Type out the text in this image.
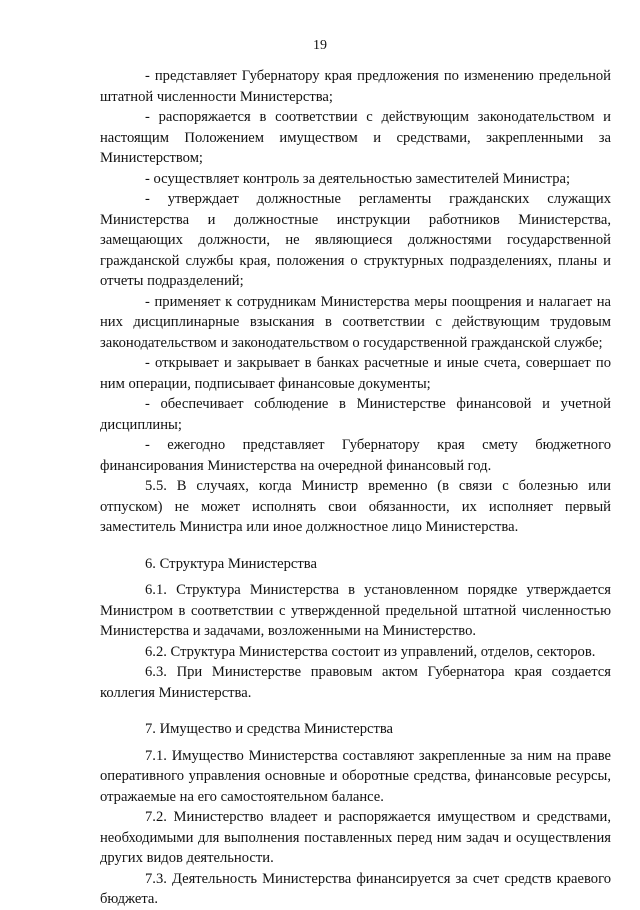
19

- представляет Губернатору края предложения по изменению предельной штатной численности Министерства;

- распоряжается в соответствии с действующим законодательством и настоящим Положением имуществом и средствами, закрепленными за Министерством;

- осуществляет контроль за деятельностью заместителей Министра;

- утверждает должностные регламенты гражданских служащих Министерства и должностные инструкции работников Министерства, замещающих должности, не являющиеся должностями государственной гражданской службы края, положения о структурных подразделениях, планы и отчеты подразделений;

- применяет к сотрудникам Министерства меры поощрения и налагает на них дисциплинарные взыскания в соответствии с действующим трудовым законодательством и законодательством о государственной гражданской службе;

- открывает и закрывает в банках расчетные и иные счета, совершает по ним операции, подписывает финансовые документы;

- обеспечивает соблюдение в Министерстве финансовой и учетной дисциплины;

- ежегодно представляет Губернатору края смету бюджетного финансирования Министерства на очередной финансовый год.

5.5. В случаях, когда Министр временно (в связи с болезнью или отпуском) не может исполнять свои обязанности, их исполняет первый заместитель Министра или иное должностное лицо Министерства.

6. Структура Министерства

6.1. Структура Министерства в установленном порядке утверждается Министром в соответствии с утвержденной предельной штатной численностью Министерства и задачами, возложенными на Министерство.

6.2. Структура Министерства состоит из управлений, отделов, секторов.

6.3. При Министерстве правовым актом Губернатора края создается коллегия Министерства.

7. Имущество и средства Министерства

7.1. Имущество Министерства составляют закрепленные за ним на праве оперативного управления основные и оборотные средства, финансовые ресурсы, отражаемые на его самостоятельном балансе.

7.2. Министерство владеет и распоряжается имуществом и средствами, необходимыми для выполнения поставленных перед ним задач и осуществления других видов деятельности.

7.3. Деятельность Министерства финансируется за счет средств краевого бюджета.
